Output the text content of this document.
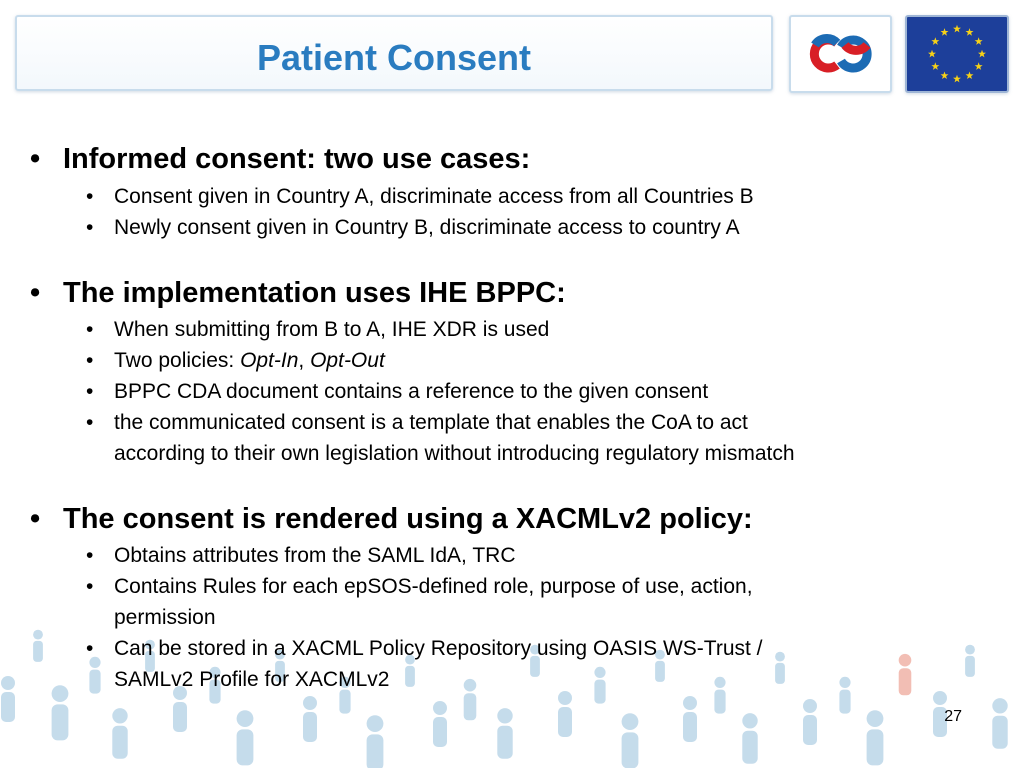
Patient Consent
• Informed consent: two use cases:
• Consent given in Country A, discriminate access from all Countries B
• Newly consent given in Country B, discriminate access to country A
• The implementation uses IHE BPPC:
• When submitting from B to A, IHE XDR is used
• Two policies: Opt-In, Opt-Out
• BPPC CDA document contains a reference to the given consent
• the communicated consent is a template that enables the CoA to act
according to their own legislation without introducing regulatory mismatch
• The consent is rendered using a XACMLv2 policy:
• Obtains attributes from the SAML IdA, TRC
• Contains Rules for each epSOS-defined role, purpose of use, action,
permission
• Can be stored in a XACML Policy Repository using OASIS WS-Trust /
SAMLv2 Profile for XACMLv2
27
